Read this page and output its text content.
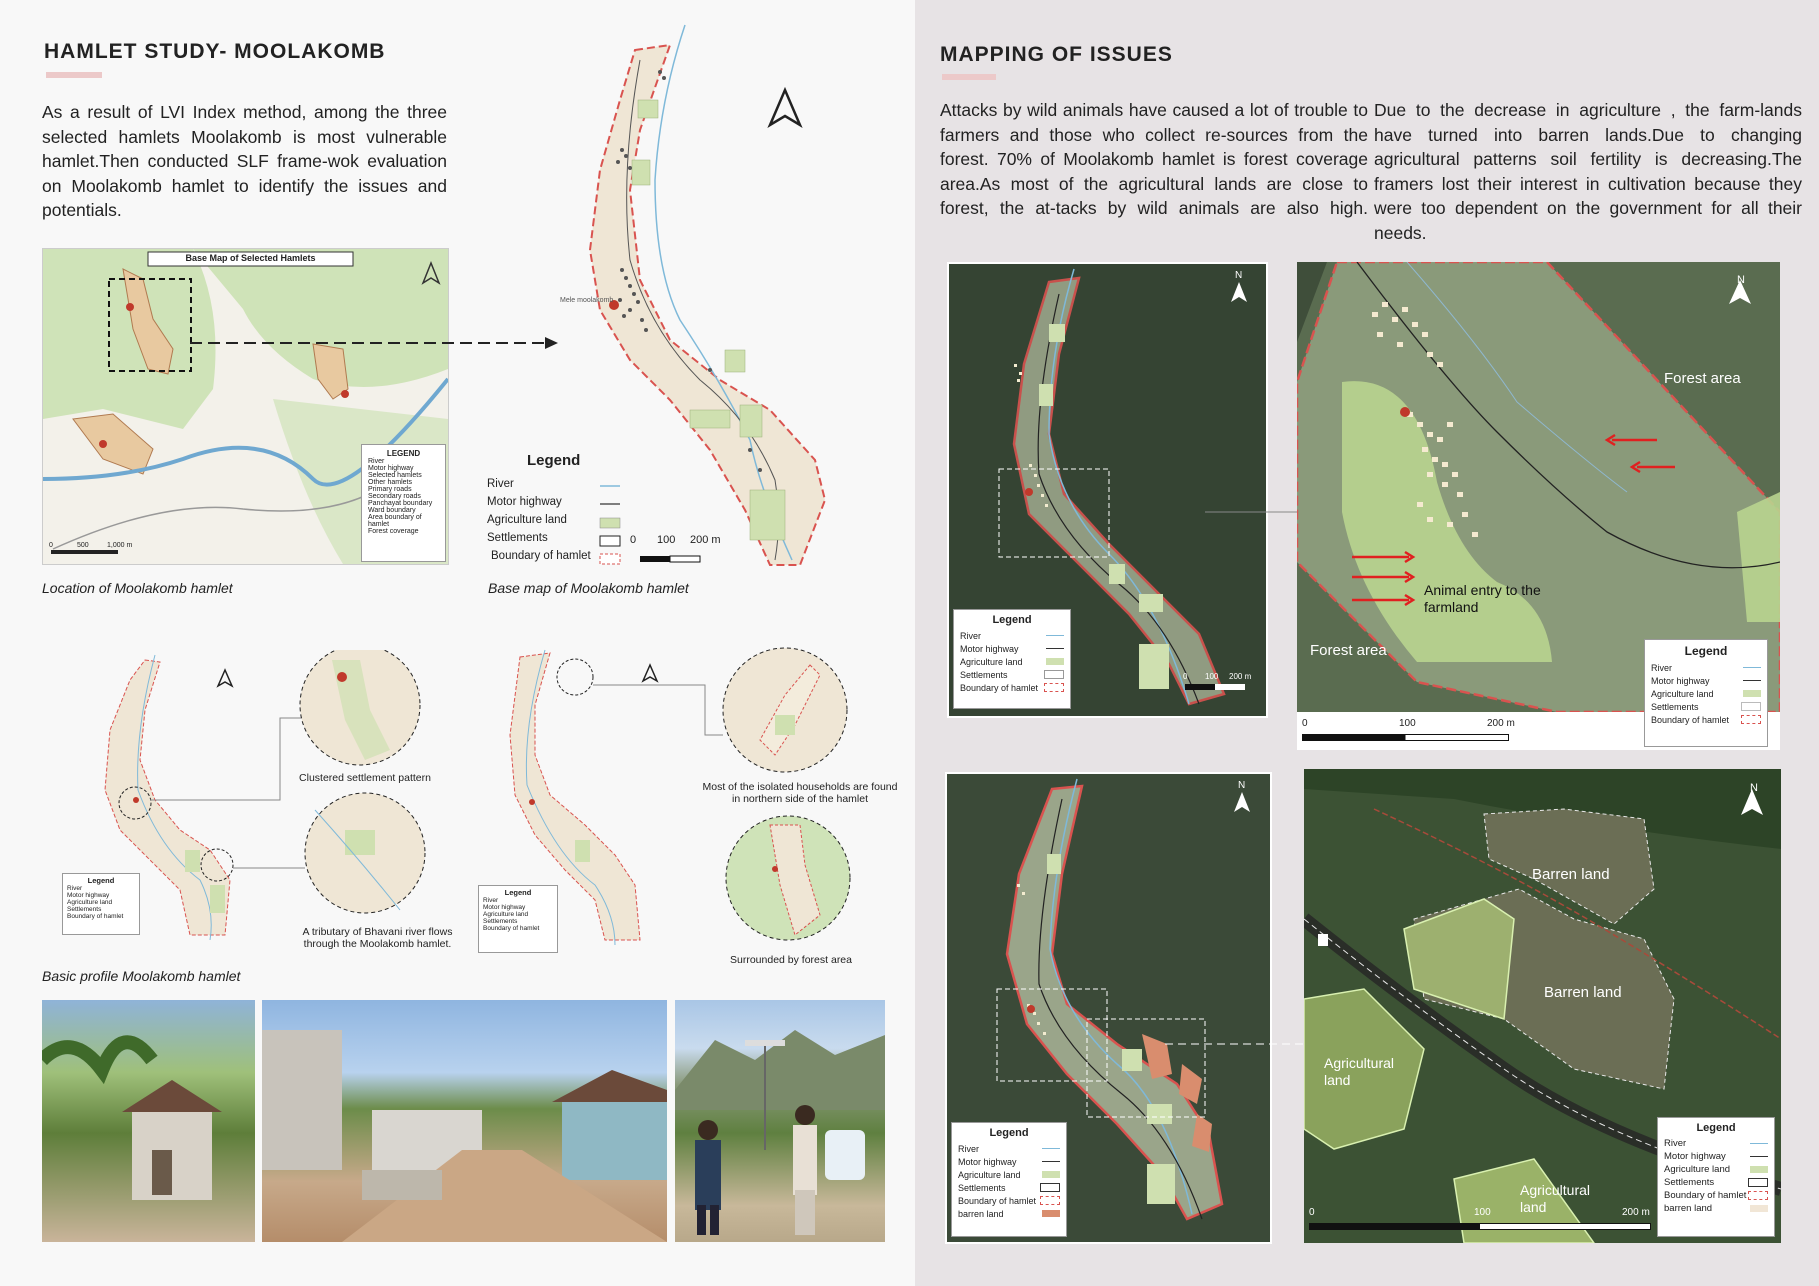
HAMLET STUDY- MOOLAKOMB
As a result of LVI Index method, among the three selected hamlets Moolakomb is most vulnerable hamlet.Then conducted SLF frame-wok evaluation on Moolakomb hamlet to identify the issues and potentials.
Base Map of Selected Hamlets
LEGEND
River
Motor highway
Selected hamlets
Other hamlets
Primary roads
Secondary roads
Panchayat boundary
Ward boundary
Area boundary of hamlet
Forest coverage
0	500	1,000 m
Location of Moolakomb hamlet
Mele moolakomb
Legend
River
Motor highway
Agriculture land
Settlements
Boundary of hamlet
0 100 200 m
Base map of Moolakomb hamlet
Legend
River
Motor highway
Agriculture land
Settlements
Boundary of hamlet
Clustered settlement pattern
A tributary of Bhavani river flows through the Moolakomb hamlet.
Legend
River
Motor highway
Agriculture land
Settlements
Boundary of hamlet
Most of the isolated households are found in northern side of the hamlet
Surrounded by forest area
Basic profile Moolakomb hamlet
MAPPING OF ISSUES
Attacks by wild animals have caused a lot of trouble to farmers and those who collect re-sources from the forest. 70% of Moolakomb hamlet is forest coverage area.As most of the agricultural lands are close to forest, the at-tacks by wild animals are also high.
Due to the decrease in agriculture , the farm-lands have turned into barren lands.Due to changing agricultural patterns soil fertility is decreasing.The framers lost their interest in cultivation because they were too dependent on the government for all their needs.
N
Legend
River
Motor highway
Agriculture land
Settlements
Boundary of hamlet
0 100 200 m
N
Forest area
Forest area
Animal entry to the farmland
Legend
River
Motor highway
Agriculture land
Settlements
Boundary of hamlet
0	100	200 m
N
Legend
River
Motor highway
Agriculture land
Settlements
Boundary of hamlet
barren land
N
Barren land
Barren land
Agricultural land
Agricultural land
Legend
River
Motor highway
Agriculture land
Settlements
Boundary of hamlet
barren land
0	100	200 m
